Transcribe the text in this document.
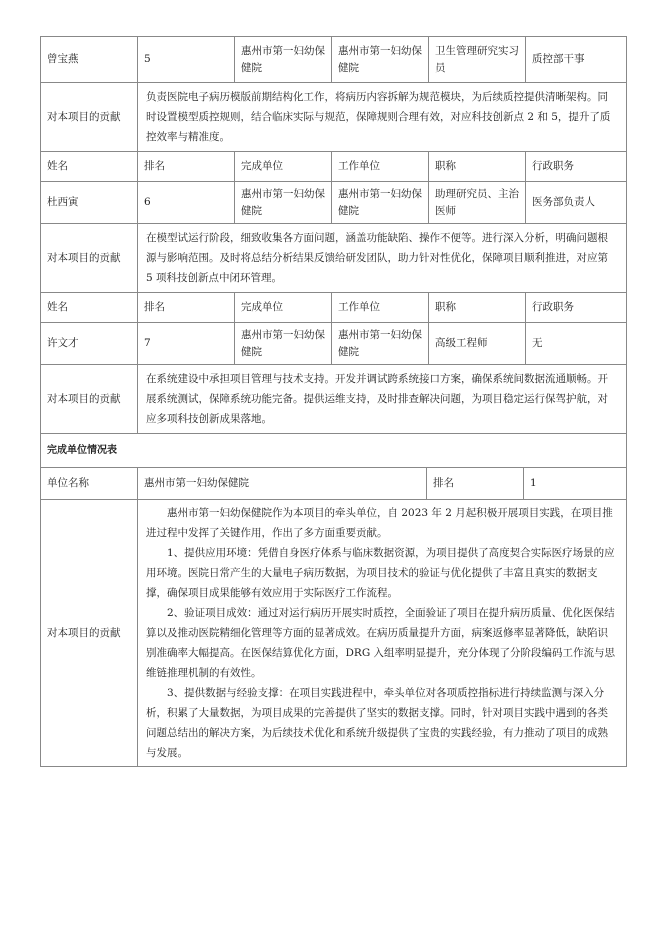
曾宝燕	5	惠州市第一妇幼保健院	惠州市第一妇幼保健院	卫生管理研究实习员	质控部干事
对本项目的贡献	负责医院电子病历模版前期结构化工作，将病历内容拆解为规范模块，为后续质控提供清晰架构。同时设置模型质控规则，结合临床实际与规范，保障规则合理有效，对应科技创新点 2 和 5，提升了质控效率与精准度。				
姓名	排名	完成单位	工作单位	职称	行政职务
杜西寅	6	惠州市第一妇幼保健院	惠州市第一妇幼保健院	助理研究员、主治医师	医务部负责人
对本项目的贡献	在模型试运行阶段，细致收集各方面问题，涵盖功能缺陷、操作不便等。进行深入分析，明确问题根源与影响范围。及时将总结分析结果反馈给研发团队，助力针对性优化，保障项目顺利推进，对应第 5 项科技创新点中闭环管理。				
姓名	排名	完成单位	工作单位	职称	行政职务
许文才	7	惠州市第一妇幼保健院	惠州市第一妇幼保健院	高级工程师	无
对本项目的贡献	在系统建设中承担项目管理与技术支持。开发并调试跨系统接口方案，确保系统间数据流通顺畅。开展系统测试，保障系统功能完备。提供运维支持，及时排查解决问题，为项目稳定运行保驾护航，对应多项科技创新成果落地。				
完成单位情况表			
单位名称	惠州市第一妇幼保健院	排名	1
对本项目的贡献	惠州市第一妇幼保健院作为本项目的牵头单位，自 2023 年 2 月起积极开展项目实践，在项目推进过程中发挥了关键作用，作出了多方面重要贡献。

1、提供应用环境：凭借自身医疗体系与临床数据资源，为项目提供了高度契合实际医疗场景的应用环境。医院日常产生的大量电子病历数据，为项目技术的验证与优化提供了丰富且真实的数据支撑，确保项目成果能够有效应用于实际医疗工作流程。

2、验证项目成效：通过对运行病历开展实时质控，全面验证了项目在提升病历质量、优化医保结算以及推动医院精细化管理等方面的显著成效。在病历质量提升方面，病案返修率显著降低，缺陷识别准确率大幅提高。在医保结算优化方面，DRG 入组率明显提升，充分体现了分阶段编码工作流与思维链推理机制的有效性。

3、提供数据与经验支撑：在项目实践进程中，牵头单位对各项质控指标进行持续监测与深入分析，积累了大量数据，为项目成果的完善提供了坚实的数据支撑。同时，针对项目实践中遇到的各类问题总结出的解决方案，为后续技术优化和系统升级提供了宝贵的实践经验，有力推动了项目的成熟与发展。		
